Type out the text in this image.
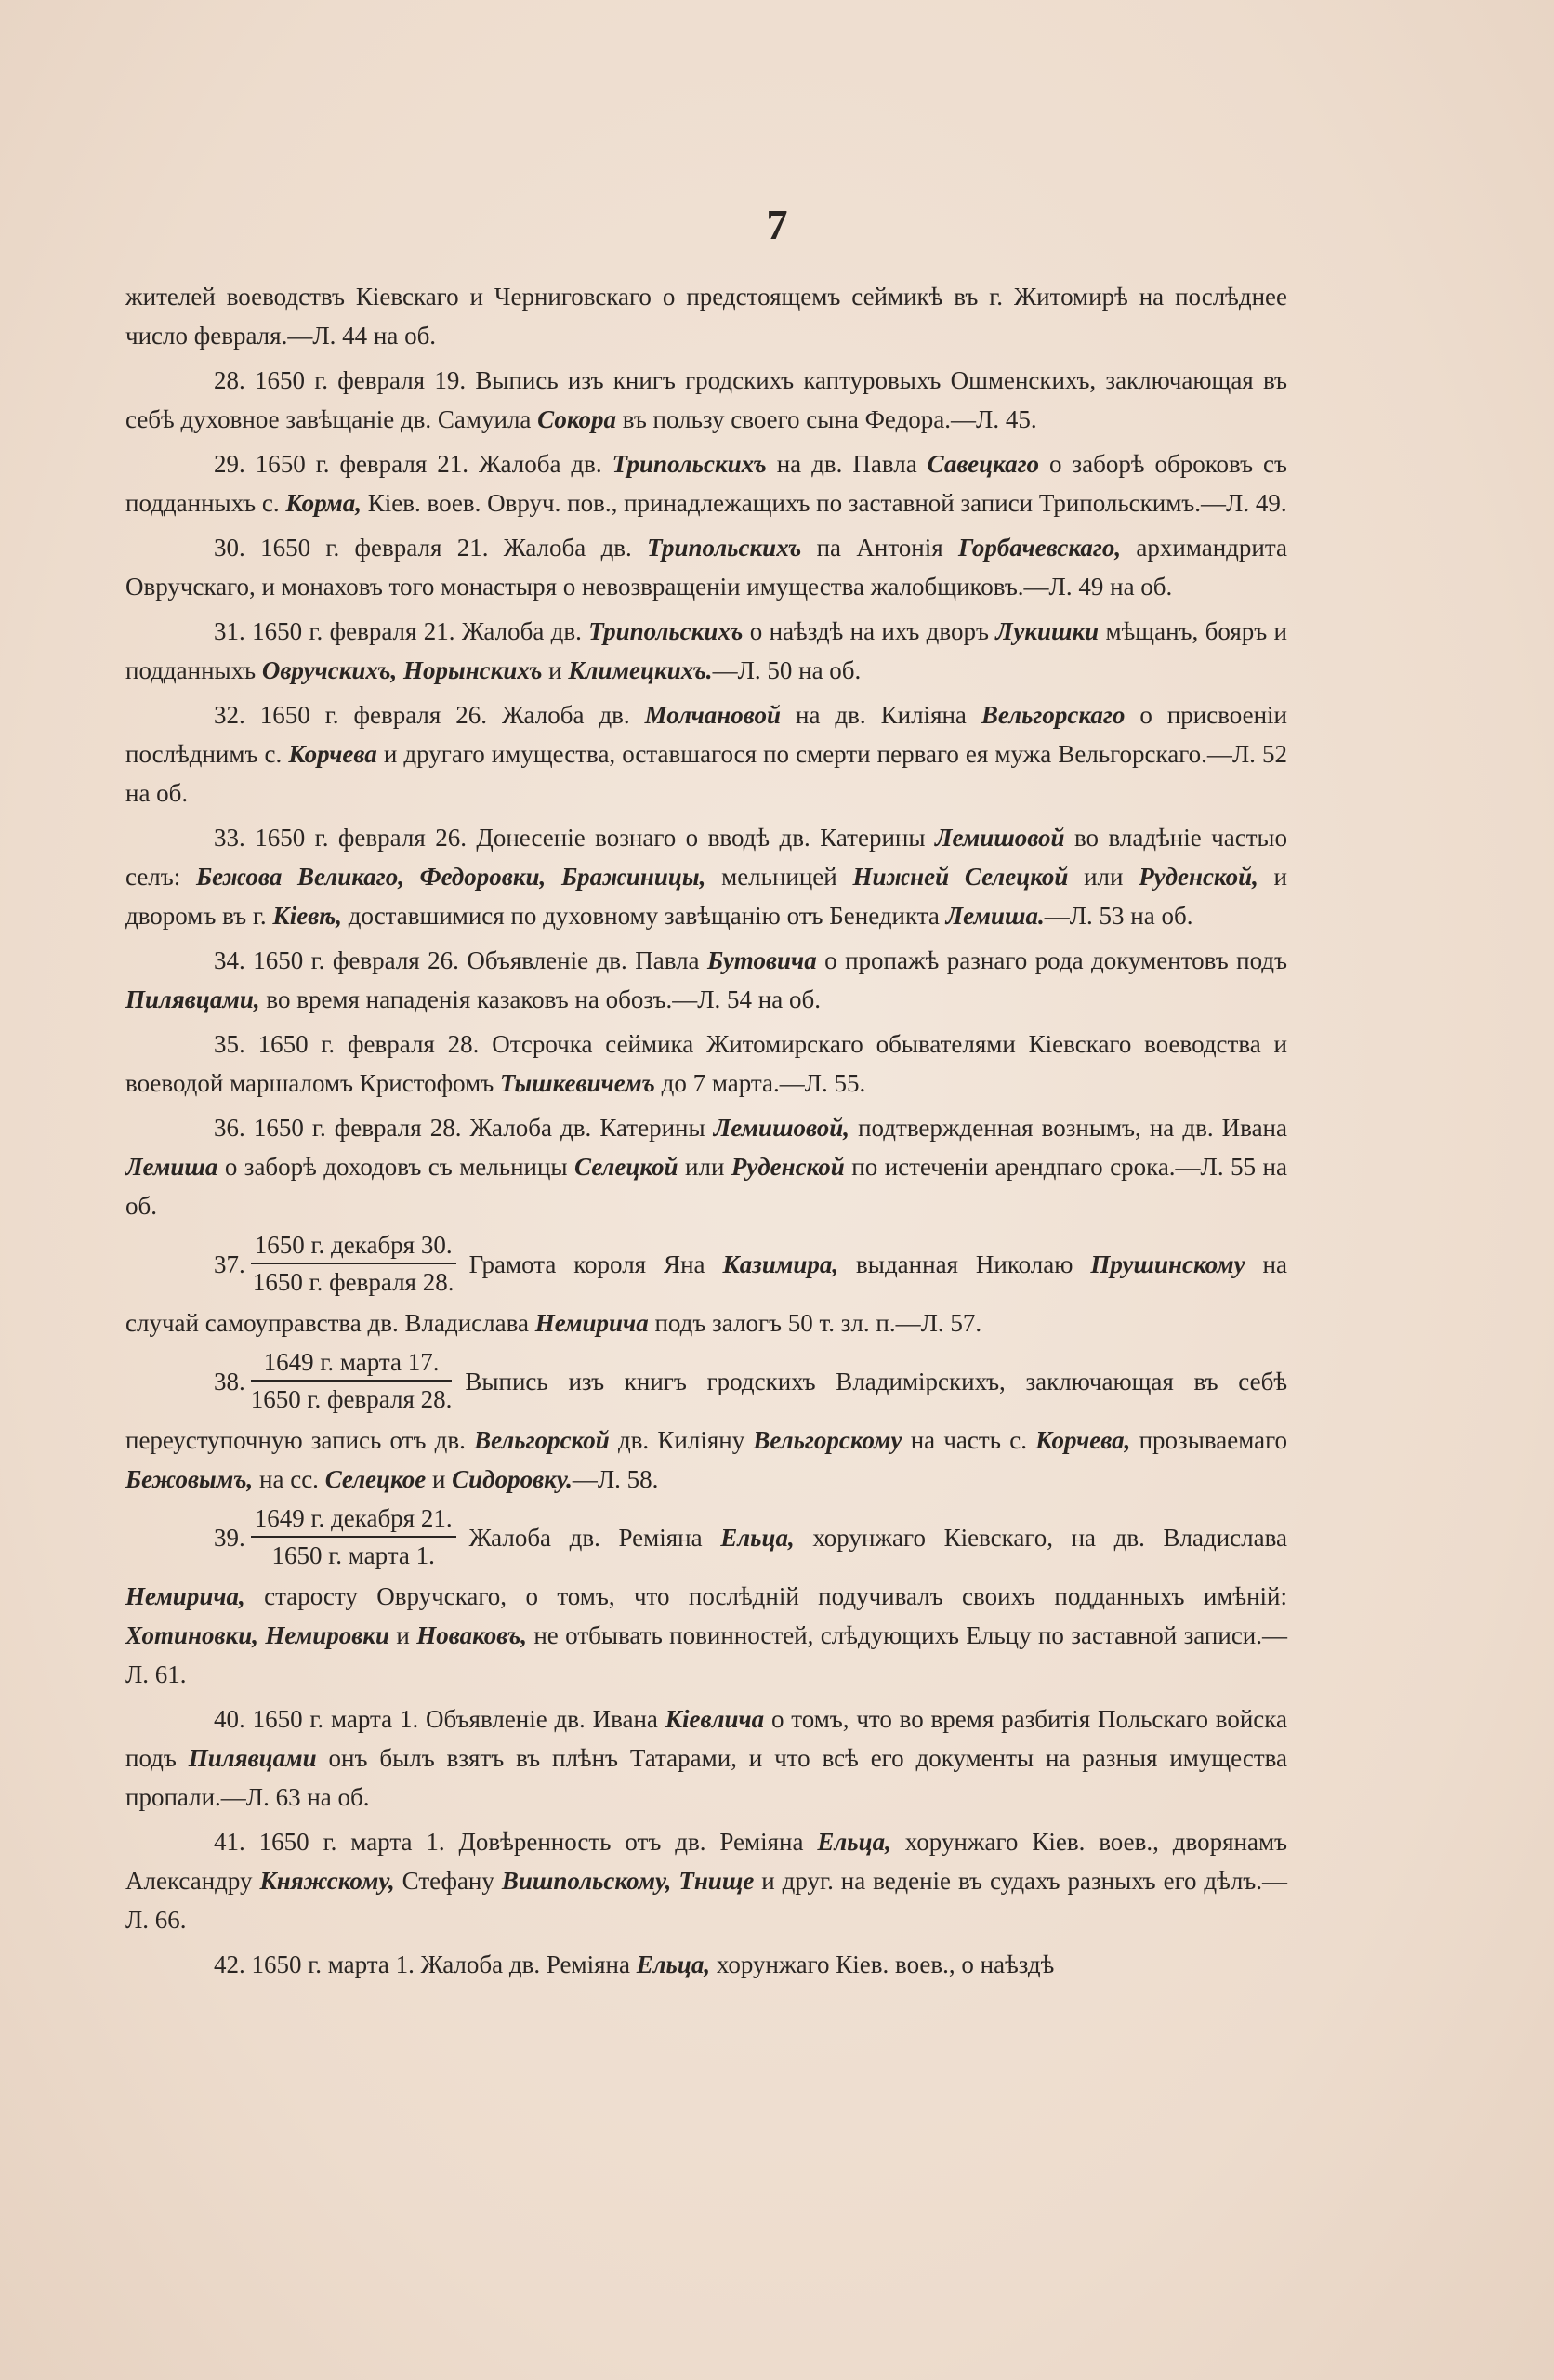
7

жителей воеводствъ Кіевскаго и Черниговскаго о предстоящемъ сеймикѣ въ г. Житомирѣ на послѣднее число февраля.—Л. 44 на об.

28. 1650 г. февраля 19. Выпись изъ книгъ гродскихъ каптуровыхъ Ошменскихъ, заключающая въ себѣ духовное завѣщаніе дв. Самуила Сокора въ пользу своего сына Федора.—Л. 45.

29. 1650 г. февраля 21. Жалоба дв. Трипольскихъ на дв. Павла Савецкаго о заборѣ оброковъ съ подданныхъ с. Корма, Кіев. воев. Овруч. пов., принадлежащихъ по заставной записи Трипольскимъ.—Л. 49.

30. 1650 г. февраля 21. Жалоба дв. Трипольскихъ па Антонія Горбачевскаго, архимандрита Овручскаго, и монаховъ того монастыря о невозвращеніи имущества жалобщиковъ.—Л. 49 на об.

31. 1650 г. февраля 21. Жалоба дв. Трипольскихъ о наѣздѣ на ихъ дворъ Лукишки мѣщанъ, бояръ и подданныхъ Овручскихъ, Норынскихъ и Климецкихъ.—Л. 50 на об.

32. 1650 г. февраля 26. Жалоба дв. Молчановой на дв. Киліяна Вельгорскаго о присвоеніи послѣднимъ с. Корчева и другаго имущества, оставшагося по смерти перваго ея мужа Вельгорскаго.—Л. 52 на об.

33. 1650 г. февраля 26. Донесеніе вознаго о вводѣ дв. Катерины Лемишовой во владѣніе частью селъ: Бежова Великаго, Федоровки, Бражиницы, мельницей Нижней Селецкой или Руденской, и дворомъ въ г. Кіевѣ, доставшимися по духовному завѣщанію отъ Бенедикта Лемиша.—Л. 53 на об.

34. 1650 г. февраля 26. Объявленіе дв. Павла Бутовича о пропажѣ разнаго рода документовъ подъ Пилявцами, во время нападенія казаковъ на обозъ.—Л. 54 на об.

35. 1650 г. февраля 28. Отсрочка сеймика Житомирскаго обывателями Кіевскаго воеводства и воеводой маршаломъ Кристофомъ Тышкевичемъ до 7 марта.—Л. 55.

36. 1650 г. февраля 28. Жалоба дв. Катерины Лемишовой, подтвержденная вознымъ, на дв. Ивана Лемиша о заборѣ доходовъ съ мельницы Селецкой или Руденской по истеченіи арендпаго срока.—Л. 55 на об.

37. $\frac{\text{1650 г. декабря 30.}}{\text{1650 г. февраля 28.}}$ Грамота короля Яна Казимира, выданная Николаю Прушинскому на случай самоуправства дв. Владислава Немирича подъ залогъ 50 т. зл. п.—Л. 57.

38. $\frac{\text{1649 г. марта 17.}}{\text{1650 г. февраля 28.}}$ Выпись изъ книгъ гродскихъ Владимірскихъ, заключающая въ себѣ переуступочную запись отъ дв. Вельгорской дв. Киліяну Вельгорскому на часть с. Корчева, прозываемаго Бежовымъ, на сс. Селецкое и Сидоровку.—Л. 58.

39. $\frac{\text{1649 г. декабря 21.}}{\text{1650 г. марта 1.}}$ Жалоба дв. Реміяна Ельца, хорунжаго Кіевскаго, на дв. Владислава Немирича, старосту Овручскаго, о томъ, что послѣдній подучивалъ своихъ подданныхъ имѣній: Хотиновки, Немировки и Новаковъ, не отбывать повинностей, слѣдующихъ Ельцу по заставной записи.—Л. 61.

40. 1650 г. марта 1. Объявленіе дв. Ивана Кіевлича о томъ, что во время разбитія Польскаго войска подъ Пилявцами онъ былъ взятъ въ плѣнъ Татарами, и что всѣ его документы на разныя имущества пропали.—Л. 63 на об.

41. 1650 г. марта 1. Довѣренность отъ дв. Реміяна Ельца, хорунжаго Кіев. воев., дворянамъ Александру Княжскому, Стефану Вишпольскому, Тнище и друг. на веденіе въ судахъ разныхъ его дѣлъ.—Л. 66.

42. 1650 г. марта 1. Жалоба дв. Реміяна Ельца, хорунжаго Кіев. воев., о наѣздѣ
